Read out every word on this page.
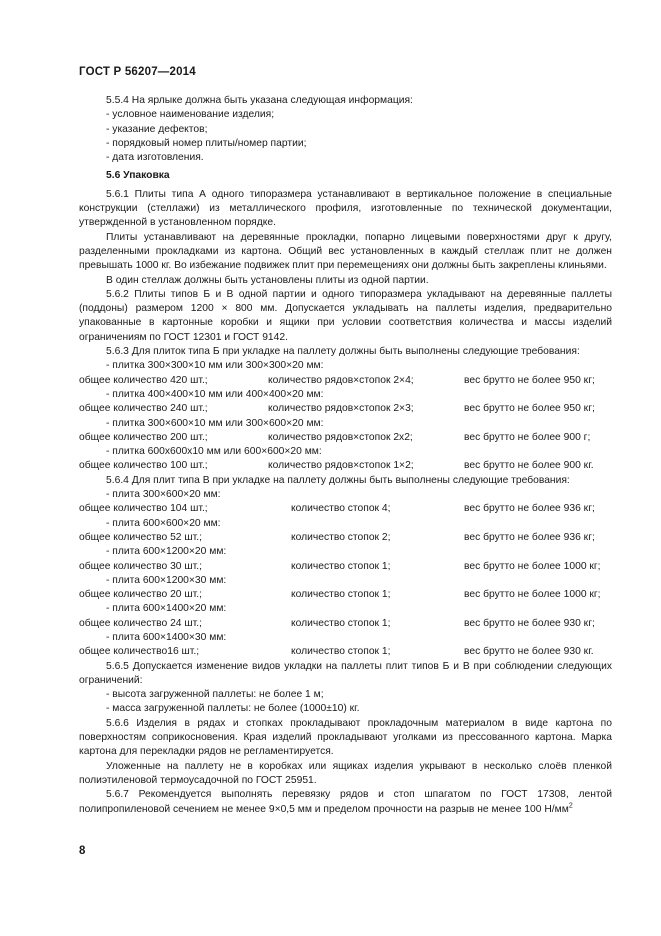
ГОСТ Р 56207—2014
5.5.4 На ярлыке должна быть указана следующая информация:
- условное наименование изделия;
- указание дефектов;
- порядковый номер плиты/номер партии;
- дата изготовления.
5.6 Упаковка
5.6.1 Плиты типа А одного типоразмера устанавливают в вертикальное положение в специальные конструкции (стеллажи) из металлического профиля, изготовленные по технической документации, утвержденной в установленном порядке.
Плиты устанавливают на деревянные прокладки, попарно лицевыми поверхностями друг к другу, разделенными прокладками из картона. Общий вес установленных в каждый стеллаж плит не должен превышать 1000 кг. Во избежание подвижек плит при перемещениях они должны быть закреплены клиньями.
В один стеллаж должны быть установлены плиты из одной партии.
5.6.2 Плиты типов Б и В одной партии и одного типоразмера укладывают на деревянные паллеты (поддоны) размером 1200 × 800 мм. Допускается укладывать на паллеты изделия, предварительно упакованные в картонные коробки и ящики при условии соответствия количества и массы изделий ограничениям по ГОСТ 12301 и ГОСТ 9142.
5.6.3 Для плиток типа Б при укладке на паллету должны быть выполнены следующие требования:
- плитка 300×300×10 мм или 300×300×20 мм:
общее количество 420 шт.;	количество рядов×стопок 2×4;	вес брутто не более 950 кг;
- плитка 400×400×10 мм или 400×400×20 мм:
общее количество 240 шт.;	количество рядов×стопок 2×3;	вес брутто не более 950 кг;
- плитка 300×600×10 мм или 300×600×20 мм:
общее количество 200 шт.;	количество рядов×стопок 2х2;	вес брутто не более 900 г;
- плитка 600х600х10 мм или 600×600×20 мм:
общее количество 100 шт.;	количество рядов×стопок 1×2;	вес брутто не более 900 кг.
5.6.4 Для плит типа В при укладке на паллету должны быть выполнены следующие требования:
- плита 300×600×20 мм:
общее количество 104 шт.;	количество стопок 4;	вес брутто не более 936 кг;
- плита 600×600×20 мм:
общее количество 52 шт.;	количество стопок 2;	вес брутто не более 936 кг;
- плита 600×1200×20 мм:
общее количество 30 шт.;	количество стопок 1;	вес брутто не более 1000 кг;
- плита 600×1200×30 мм:
общее количество 20 шт.;	количество стопок 1;	вес брутто не более 1000 кг;
- плита 600×1400×20 мм:
общее количество 24 шт.;	количество стопок 1;	вес брутто не более 930 кг;
- плита 600×1400×30 мм:
общее количество16 шт.;	количество стопок 1;	вес брутто не более 930 кг.
5.6.5 Допускается изменение видов укладки на паллеты плит типов Б и В при соблюдении следующих ограничений:
- высота загруженной паллеты: не более 1 м;
- масса загруженной паллеты: не более (1000±10) кг.
5.6.6 Изделия в рядах и стопках прокладывают прокладочным материалом в виде картона по поверхностям соприкосновения. Края изделий прокладывают уголками из прессованного картона. Марка картона для перекладки рядов не регламентируется.
Уложенные на паллету не в коробках или ящиках изделия укрывают в несколько слоёв пленкой полиэтиленовой термоусадочной по ГОСТ 25951.
5.6.7 Рекомендуется выполнять перевязку рядов и стоп шпагатом по ГОСТ 17308, лентой полипропиленовой сечением не менее 9×0,5 мм и пределом прочности на разрыв не менее 100 $Н/мм^2$
8
